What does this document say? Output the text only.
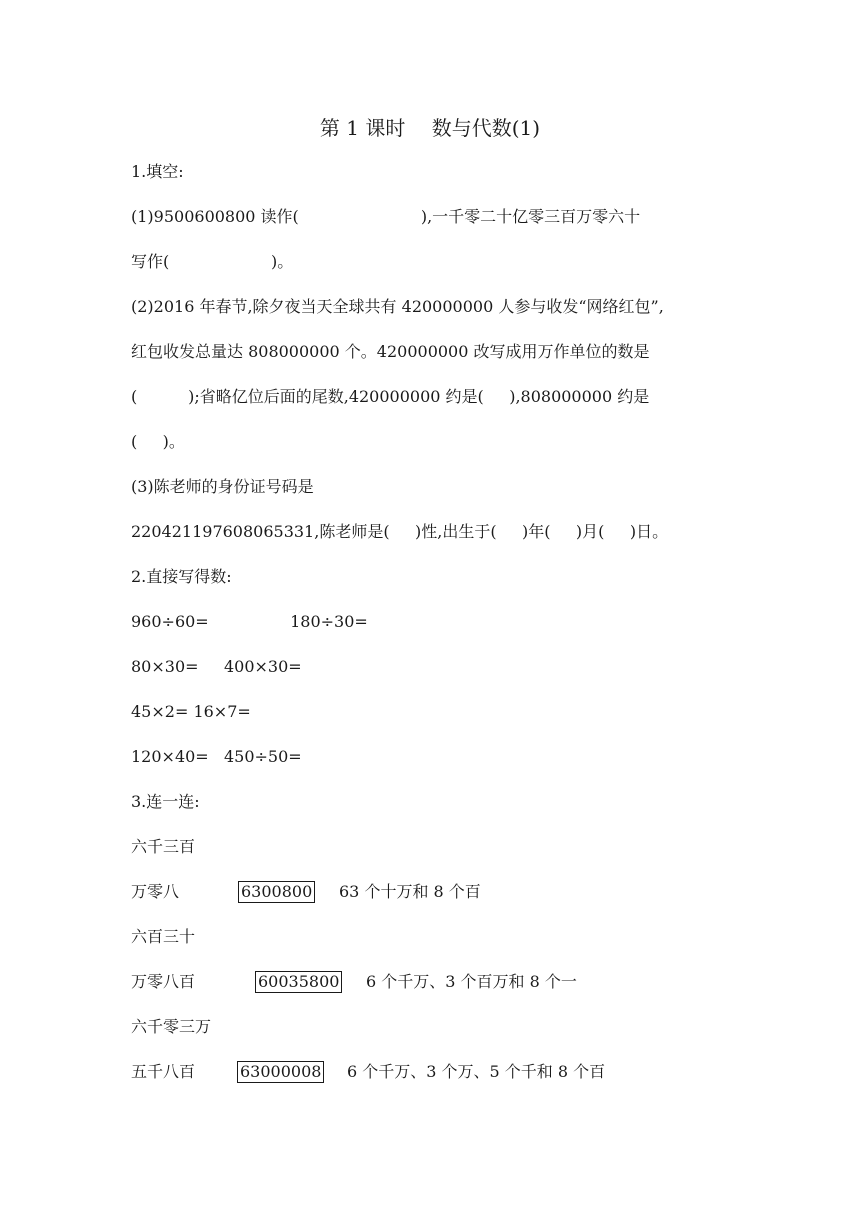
第 1 课时　 数与代数(1)
1.填空:
(1)9500600800 读作(                        ),一千零二十亿零三百万零六十
写作(                    )。
(2)2016 年春节,除夕夜当天全球共有 420000000 人参与收发“网络红包”,
红包收发总量达 808000000 个。420000000 改写成用万作单位的数是
(          );省略亿位后面的尾数,420000000 约是(     ),808000000 约是
(     )。
(3)陈老师的身份证号码是
220421197608065331,陈老师是(     )性,出生于(     )年(     )月(     )日。
2.直接写得数:
960÷60=                180÷30=
80×30=     400×30=
45×2= 16×7=
120×40=   450÷50=
3.连一连:
六千三百
万零八	6300800 63 个十万和 8 个百
六百三十
万零八百	60035800 6 个千万、3 个百万和 8 个一
六千零三万
五千八百	63000008 6 个千万、3 个万、5 个千和 8 个百
